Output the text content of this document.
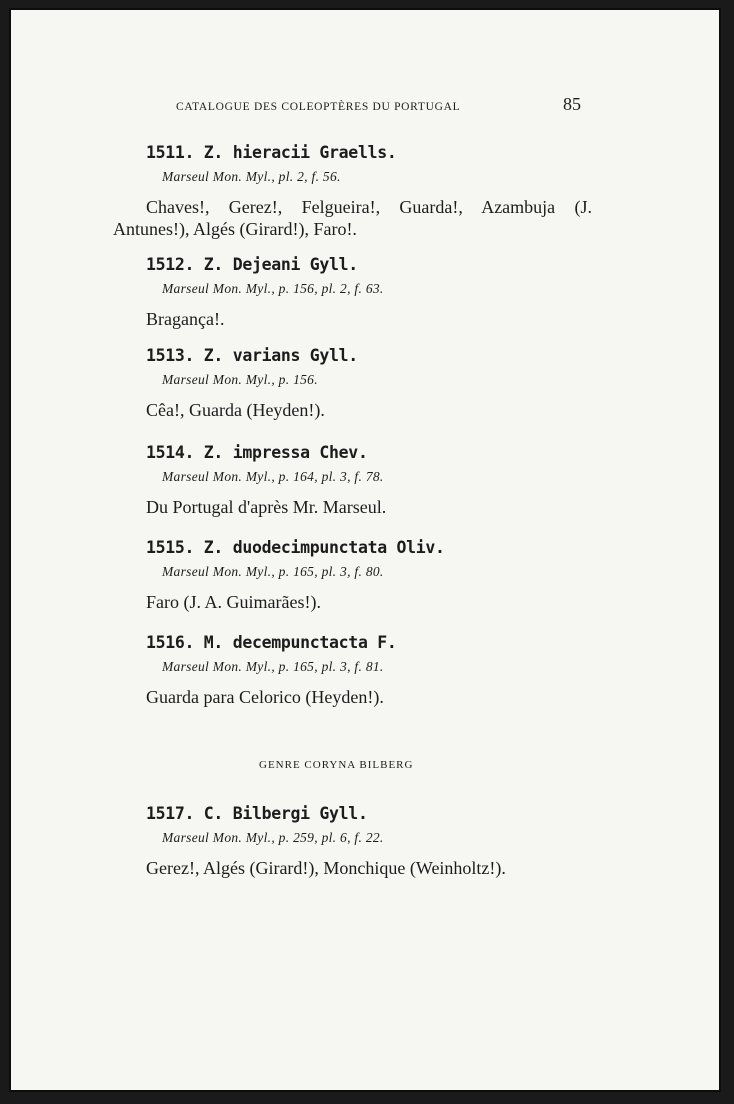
CATALOGUE DES COLEOPTÈRES DU PORTUGAL	85
1511. Z. hieracii Graells.
Marseul Mon. Myl., pl. 2, f. 56.
Chaves!, Gerez!, Felgueira!, Guarda!, Azambuja (J. Antunes!), Algés (Girard!), Faro!.
1512. Z. Dejeani Gyll.
Marseul Mon. Myl., p. 156, pl. 2, f. 63.
Bragança!.
1513. Z. varians Gyll.
Marseul Mon. Myl., p. 156.
Cêa!, Guarda (Heyden!).
1514. Z. impressa Chev.
Marseul Mon. Myl., p. 164, pl. 3, f. 78.
Du Portugal d'après Mr. Marseul.
1515. Z. duodecimpunctata Oliv.
Marseul Mon. Myl., p. 165, pl. 3, f. 80.
Faro (J. A. Guimarães!).
1516. M. decempunctacta F.
Marseul Mon. Myl., p. 165, pl. 3, f. 81.
Guarda para Celorico (Heyden!).
GENRE CORYNA BILBERG
1517. C. Bilbergi Gyll.
Marseul Mon. Myl., p. 259, pl. 6, f. 22.
Gerez!, Algés (Girard!), Monchique (Weinholtz!).
